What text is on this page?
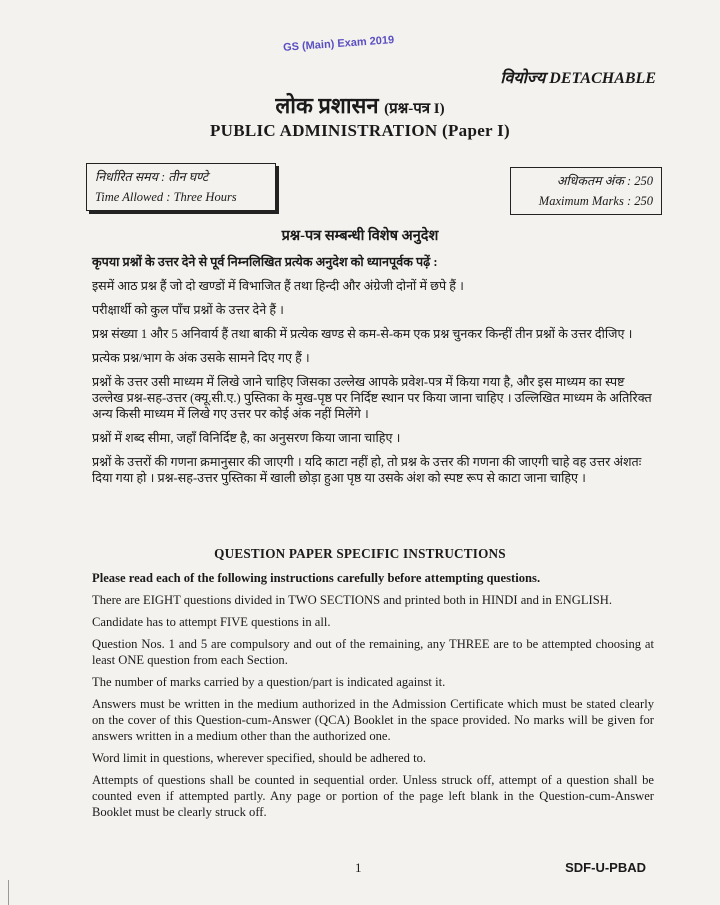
GS (Main) Exam 2019
वियोज्य DETACHABLE
लोक प्रशासन (प्रश्न-पत्र I)
PUBLIC ADMINISTRATION (Paper I)
निर्धारित समय : तीन घण्टे
Time Allowed : Three Hours
अधिकतम अंक : 250
Maximum Marks : 250
प्रश्न-पत्र सम्बन्धी विशेष अनुदेश

कृपया प्रश्नों के उत्तर देने से पूर्व निम्नलिखित प्रत्येक अनुदेश को ध्यानपूर्वक पढ़ें :

इसमें आठ प्रश्न हैं जो दो खण्डों में विभाजित हैं तथा हिन्दी और अंग्रेजी दोनों में छपे हैं ।

परीक्षार्थी को कुल पाँच प्रश्नों के उत्तर देने हैं ।

प्रश्न संख्या 1 और 5 अनिवार्य हैं तथा बाकी में प्रत्येक खण्ड से कम-से-कम एक प्रश्न चुनकर किन्हीं तीन प्रश्नों के उत्तर दीजिए ।

प्रत्येक प्रश्न/भाग के अंक उसके सामने दिए गए हैं ।

प्रश्नों के उत्तर उसी माध्यम में लिखे जाने चाहिए जिसका उल्लेख आपके प्रवेश-पत्र में किया गया है, और इस माध्यम का स्पष्ट उल्लेख प्रश्न-सह-उत्तर (क्यू.सी.ए.) पुस्तिका के मुख-पृष्ठ पर निर्दिष्ट स्थान पर किया जाना चाहिए । उल्लिखित माध्यम के अतिरिक्त अन्य किसी माध्यम में लिखे गए उत्तर पर कोई अंक नहीं मिलेंगे ।

प्रश्नों में शब्द सीमा, जहाँ विनिर्दिष्ट है, का अनुसरण किया जाना चाहिए ।

प्रश्नों के उत्तरों की गणना क्रमानुसार की जाएगी । यदि काटा नहीं हो, तो प्रश्न के उत्तर की गणना की जाएगी चाहे वह उत्तर अंशतः दिया गया हो । प्रश्न-सह-उत्तर पुस्तिका में खाली छोड़ा हुआ पृष्ठ या उसके अंश को स्पष्ट रूप से काटा जाना चाहिए ।

QUESTION PAPER SPECIFIC INSTRUCTIONS

Please read each of the following instructions carefully before attempting questions.

There are EIGHT questions divided in TWO SECTIONS and printed both in HINDI and in ENGLISH.

Candidate has to attempt FIVE questions in all.

Question Nos. 1 and 5 are compulsory and out of the remaining, any THREE are to be attempted choosing at least ONE question from each Section.

The number of marks carried by a question/part is indicated against it.

Answers must be written in the medium authorized in the Admission Certificate which must be stated clearly on the cover of this Question-cum-Answer (QCA) Booklet in the space provided. No marks will be given for answers written in a medium other than the authorized one.

Word limit in questions, wherever specified, should be adhered to.

Attempts of questions shall be counted in sequential order. Unless struck off, attempt of a question shall be counted even if attempted partly. Any page or portion of the page left blank in the Question-cum-Answer Booklet must be clearly struck off.

1	SDF-U-PBAD
